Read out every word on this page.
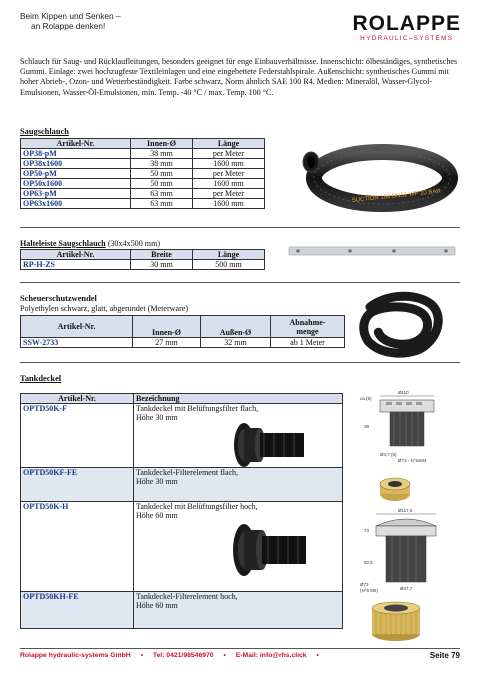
Beim Kippen und Senken –
an Rolappe denken!	ROLAPPE
HYDRAULIC–SYSTEMS

Schlauch für Saug- und Rücklaufleitungen, besonders geeignet für enge Einbauverhältnisse. Innenschicht: ölbeständiges, synthetisches Gummi. Einlage: zwei hochzugfeste Textileinlagen und eine eingebettete Federstahlspirale. Außenschicht: synthetisches Gummi mit hoher Abrieb-, Ozon- und Wetterbeständigkeit. Farbe schwarz, Norm ähnlich SAE 100 R4. Medien: Mineralöl, Wasser-Glycol-Emulsionen, Wasser-Öl-Emulsionen, min. Temp. -40 °C / max. Temp. 100 °C.

Saugschlauch
Artikel-Nr.	Innen-Ø	Länge
OP38-pM	38 mm	per Meter
OP38x1600	38 mm	1600 mm
OP50-pM	50 mm	per Meter
OP50x1600	50 mm	1600 mm
OP63-pM	63 mm	per Meter
OP63x1600	63 mm	1600 mm	SUCTION 150 DN51 WP 10 BAR
Halteleiste Saugschlauch (30x4x500 mm)
Artikel-Nr.	Breite	Länge
RP-H-ZS	30 mm	500 mm
Scheuerschutzwendel
Polyethylen schwarz, glatt, abgerundet (Meterware)
Artikel-Nr.	Innen-Ø	Außen-Ø	Abnahme-
menge
SSW-2733	27 mm	32 mm	ab 1 Meter
Tankdeckel
Artikel-Nr.	Bezeichnung
OPTD50K-F	Tankdeckel mit Belüftungsfilter flach,
Höhe 30 mm
OPTD50KF-FE	Tankdeckel-Filterelement flach,
Höhe 30 mm
OPTD50K-H	Tankdeckel mit Belüftungsfilter hoch,
Höhe 60 mm
OPTD50KH-FE	Tankdeckel-Filterelement hoch,
Höhe 60 mm
Ø110
ca.(5)
38
Ø4,7 (6)
Ø73 - N°6xM4
Ø117,5
74
92,5
Ø73
(N°6 M5)	Ø47,7
Rolappe hydraulic-systems GmbH • Tel: 0421/98546970 • E-Mail: info@rhs.click •	Seite 79
